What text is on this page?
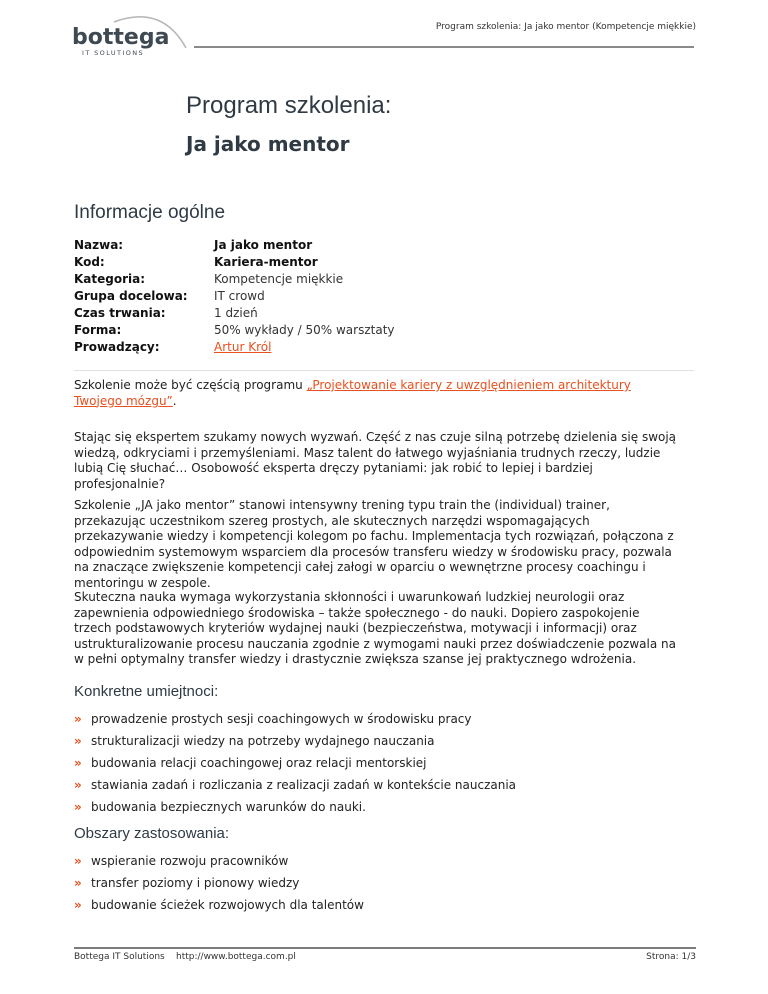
bottega
IT SOLUTIONS
Program szkolenia: Ja jako mentor (Kompetencje miękkie)
Program szkolenia:
Ja jako mentor
Informacje ogólne
Nazwa:	Ja jako mentor
Kod:	Kariera-mentor
Kategoria:	Kompetencje miękkie
Grupa docelowa:	IT crowd
Czas trwania:	1 dzień
Forma:	50% wykłady / 50% warsztaty
Prowadzący:	Artur Król

Szkolenie może być częścią programu „Projektowanie kariery z uwzględnieniem architektury Twojego mózgu”.

Stając się ekspertem szukamy nowych wyzwań. Część z nas czuje silną potrzebę dzielenia się swoją wiedzą, odkryciami i przemyśleniami. Masz talent do łatwego wyjaśniania trudnych rzeczy, ludzie lubią Cię słuchać… Osobowość eksperta dręczy pytaniami: jak robić to lepiej i bardziej profesjonalnie?

Szkolenie „JA jako mentor” stanowi intensywny trening typu train the (individual) trainer, przekazując uczestnikom szereg prostych, ale skutecznych narzędzi wspomagających przekazywanie wiedzy i kompetencji kolegom po fachu. Implementacja tych rozwiązań, połączona z odpowiednim systemowym wsparciem dla procesów transferu wiedzy w środowisku pracy, pozwala na znaczące zwiększenie kompetencji całej załogi w oparciu o wewnętrzne procesy coachingu i mentoringu w zespole.

Skuteczna nauka wymaga wykorzystania skłonności i uwarunkowań ludzkiej neurologii oraz zapewnienia odpowiedniego środowiska – także społecznego - do nauki. Dopiero zaspokojenie trzech podstawowych kryteriów wydajnej nauki (bezpieczeństwa, motywacji i informacji) oraz ustrukturalizowanie procesu nauczania zgodnie z wymogami nauki przez doświadczenie pozwala na w pełni optymalny transfer wiedzy i drastycznie zwiększa szanse jej praktycznego wdrożenia.

Konkretne umiejtnoci:
» prowadzenie prostych sesji coachingowych w środowisku pracy
» strukturalizacji wiedzy na potrzeby wydajnego nauczania
» budowania relacji coachingowej oraz relacji mentorskiej
» stawiania zadań i rozliczania z realizacji zadań w kontekście nauczania
» budowania bezpiecznych warunków do nauki.
Obszary zastosowania:
» wspieranie rozwoju pracowników
» transfer poziomy i pionowy wiedzy
» budowanie ścieżek rozwojowych dla talentów
Bottega IT Solutions http://www.bottega.com.pl	Strona: 1/3
